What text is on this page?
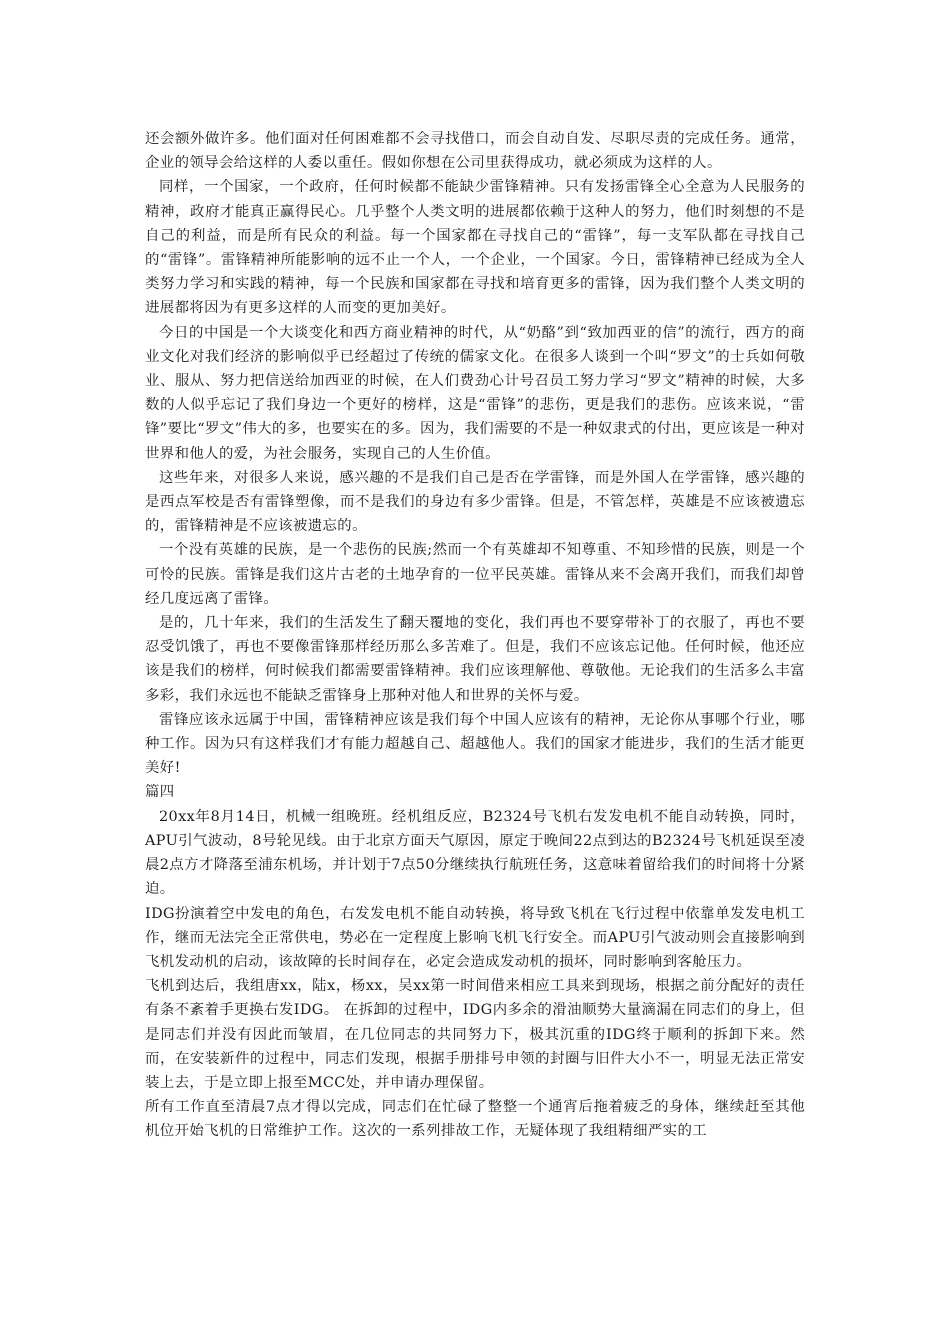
还会额外做许多。他们面对任何困难都不会寻找借口，而会自动自发、尽职尽责的完成任务。通常，企业的领导会给这样的人委以重任。假如你想在公司里获得成功，就必须成为这样的人。

同样，一个国家，一个政府，任何时候都不能缺少雷锋精神。只有发扬雷锋全心全意为人民服务的精神，政府才能真正赢得民心。几乎整个人类文明的进展都依赖于这种人的努力，他们时刻想的不是自己的利益，而是所有民众的利益。每一个国家都在寻找自己的“雷锋”，每一支军队都在寻找自己的“雷锋”。雷锋精神所能影响的远不止一个人，一个企业，一个国家。今日，雷锋精神已经成为全人类努力学习和实践的精神，每一个民族和国家都在寻找和培育更多的雷锋，因为我们整个人类文明的进展都将因为有更多这样的人而变的更加美好。

今日的中国是一个大谈变化和西方商业精神的时代，从“奶酪”到“致加西亚的信”的流行，西方的商业文化对我们经济的影响似乎已经超过了传统的儒家文化。在很多人谈到一个叫“罗文”的士兵如何敬业、服从、努力把信送给加西亚的时候，在人们费劲心计号召员工努力学习“罗文”精神的时候，大多数的人似乎忘记了我们身边一个更好的榜样，这是“雷锋”的悲伤，更是我们的悲伤。应该来说，“雷锋”要比“罗文”伟大的多，也要实在的多。因为，我们需要的不是一种奴隶式的付出，更应该是一种对世界和他人的爱，为社会服务，实现自己的人生价值。

这些年来，对很多人来说，感兴趣的不是我们自己是否在学雷锋，而是外国人在学雷锋，感兴趣的是西点军校是否有雷锋塑像，而不是我们的身边有多少雷锋。但是，不管怎样，英雄是不应该被遗忘的，雷锋精神是不应该被遗忘的。

一个没有英雄的民族，是一个悲伤的民族;然而一个有英雄却不知尊重、不知珍惜的民族，则是一个可怜的民族。雷锋是我们这片古老的土地孕育的一位平民英雄。雷锋从来不会离开我们，而我们却曾经几度远离了雷锋。

是的，几十年来，我们的生活发生了翻天覆地的变化，我们再也不要穿带补丁的衣服了，再也不要忍受饥饿了，再也不要像雷锋那样经历那么多苦难了。但是，我们不应该忘记他。任何时候，他还应该是我们的榜样，何时候我们都需要雷锋精神。我们应该理解他、尊敬他。无论我们的生活多么丰富多彩，我们永远也不能缺乏雷锋身上那种对他人和世界的关怀与爱。

雷锋应该永远属于中国，雷锋精神应该是我们每个中国人应该有的精神，无论你从事哪个行业，哪种工作。因为只有这样我们才有能力超越自己、超越他人。我们的国家才能进步，我们的生活才能更美好!

篇四

20xx年8月14日，机械一组晚班。经机组反应，B2324号飞机右发发电机不能自动转换，同时，APU引气波动，8号轮见线。由于北京方面天气原因，原定于晚间22点到达的B2324号飞机延误至凌晨2点方才降落至浦东机场，并计划于7点50分继续执行航班任务，这意味着留给我们的时间将十分紧迫。

IDG扮演着空中发电的角色，右发发电机不能自动转换，将导致飞机在飞行过程中依靠单发发电机工作，继而无法完全正常供电，势必在一定程度上影响飞机飞行安全。而APU引气波动则会直接影响到飞机发动机的启动，该故障的长时间存在，必定会造成发动机的损坏，同时影响到客舱压力。

飞机到达后，我组唐xx，陆x，杨xx，吴xx第一时间借来相应工具来到现场，根据之前分配好的责任有条不紊着手更换右发IDG。 在拆卸的过程中，IDG内多余的滑油顺势大量滴漏在同志们的身上，但是同志们并没有因此而皱眉，在几位同志的共同努力下，极其沉重的IDG终于顺利的拆卸下来。然而，在安装新件的过程中，同志们发现，根据手册排号申领的封圈与旧件大小不一，明显无法正常安装上去，于是立即上报至MCC处，并申请办理保留。

所有工作直至清晨7点才得以完成，同志们在忙碌了整整一个通宵后拖着疲乏的身体，继续赶至其他机位开始飞机的日常维护工作。这次的一系列排故工作，无疑体现了我组精细严实的工
